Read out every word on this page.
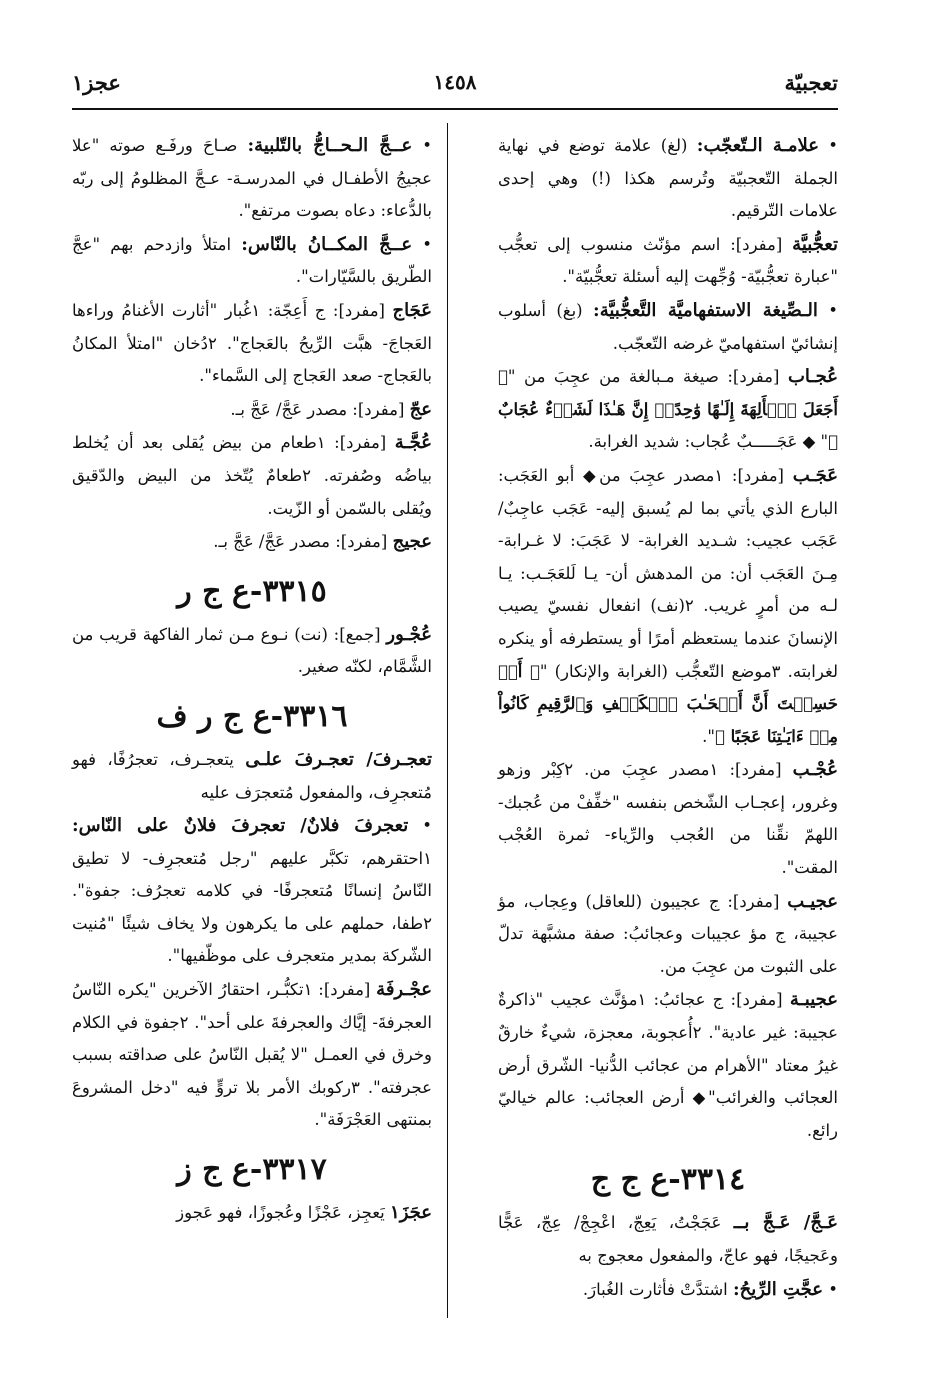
تعجبيّة
١٤٥٨
عجز١

• علامـة الـتّعجّب: (لغ) علامة توضع في نهاية الجملة التّعجبيّة وتُرسم هكذا (!) وهي إحدى علامات التّرقيم.

تعجُّبيَّة [مفرد]: اسم مؤنّث منسوب إلى تعجُّب "عبارة تعجُّبيّة- وُجِّهت إليه أسئلة تعجُّبيّة".

• الـصِّيغة الاستفهاميَّة التَّعجُّبيَّة: (بغ) أسلوب إنشائيّ استفهاميّ غرضه التّعجّب.

عُجـاب [مفرد]: صيغة مـبالغة من عجِبَ من "﴿ أَجَعَلَ ٱلۡأَلِهَةَ إِلَـٰهًا وَٰحِدًاۖ إِنَّ هَـٰذَا لَشَىۡءٌ عُجَابٌ ﴾" ◆ عَجَـــــبٌ عُجاب: شديد الغرابة.

عَجَـب [مفرد]: ١مصدر عجِبَ من◆ أبو العَجَب: البارع الذي يأتي بما لم يُسبق إليه- عَجَب عاجِبٌ/ عَجَب عجيب: شـديد الغرابة- لا عَجَبَ: لا غـرابة- مِـنَ العَجَب أن: من المدهش أن- يـا لَلعَجَـب: يـا لـه من أمرٍ غريب. ٢(نف) انفعال نفسيّ يصيب الإنسانَ عندما يستعظم أمرًا أو يستطرفه أو ينكره لغرابته. ٣موضع التّعجُّب (الغرابة والإنكار) "﴿ أَمۡ حَسِبۡتَ أَنَّ أَصۡحَـٰبَ ٱلۡكَهۡفِ وَٱلرَّقِيمِ كَانُواْ مِنۡ ءَايَـٰتِنَا عَجَبًا ﴾".

عُجْـب [مفرد]: ١مصدر عجِبَ من. ٢كِبْر وزهو وغرور، إعجـاب الشّخص بنفسه "خفِّفْ من عُجبك- اللهمّ نقِّنا من العُجب والرِّياء- ثمرة العُجْب المقت".

عجيـب [مفرد]: ج عجيبون (للعاقل) وعِجاب، مؤ عجيبة، ج مؤ عجيبات وعجائبُ: صفة مشبَّهة تدلّ على الثبوت من عجِبَ من.

عجيبـة [مفرد]: ج عجائبُ: ١مؤنَّث عجيب "ذاكرةٌ عجيبة: غير عادية". ٢أُعجوبة، معجزة، شيءٌ خارقٌ غيرُ معتاد "الأهرام من عجائب الدُّنيا- الشّرق أرض العجائب والغرائب"◆ أرض العجائب: عالم خياليّ رائع.

٣٣١٤-ع ج ج

عَـجَّ/ عَـجَّ بــ عَجَجْتُ، يَعِجّ، اعْجِجْ/ عِجّ، عَجًّا وعَجيجًا، فهو عاجّ، والمفعول معجوج به

• عجَّتِ الرِّيحُ: اشتدَّتْ فأثارت الغُبارَ.

• عــجَّ الـحــاجُّ بالتّلبية: صـاحَ ورفَـع صوته "علا عجيجُ الأطفـال في المدرسـة- عـجَّ المظلومُ إلى ربّه بالدُّعاء: دعاه بصوت مرتفع".

• عــجَّ المكــانُ بالنّاس: امتلأ وازدحم بهم "عجَّ الطّريق بالسَّيّارات".

عَجَاج [مفرد]: ج أَعِجّة: ١غُبار "أثارت الأغنامُ وراءها العَجاجَ- هبَّت الرِّيحُ بالعَجاج". ٢دُخان "امتلأ المكانُ بالعَجاج- صعد العَجاج إلى السَّماء".

عجّ [مفرد]: مصدر عَجَّ/ عَجَّ بـ.

عُجَّـة [مفرد]: ١طعام من بيض يُقلى بعد أن يُخلط بياضُه وصُفرته. ٢طعامٌ يُتّخذ من البيض والدّقيق ويُقلى بالسّمن أو الزّيت.

عجيج [مفرد]: مصدر عَجَّ/ عَجَّ بـ.

٣٣١٥-ع ج ر

عُجْـور [جمع]: (نت) نـوع مـن ثمار الفاكهة قريب من الشَّمَّام، لكنّه صغير.

٣٣١٦-ع ج ر ف

تعجـرفَ/ تعجـرفَ علـى يتعجـرف، تعجرُفًا، فهو مُتعجرِف، والمفعول مُتعجرَف عليه

• تعجرفَ فلانٌ/ تعجرفَ فلانٌ على النّاس: ١احتقرهم، تكبَّر عليهم "رجل مُتعجرِف- لا تطيق النّاسُ إنسانًا مُتعجرفًا- في كلامه تعجرُف: جفوة". ٢طفا، حملهم على ما يكرهون ولا يخاف شيئًا "مُنيت الشّركة بمدير متعجرف على موظّفيها".

عجْـرفَة [مفرد]: ١تكبُّـر، احتقارُ الآخرين "يكره النّاسُ العجرفةَ- إيَّاك والعجرفةَ على أحد". ٢جفوة في الكلام وخرق في العمـل "لا يُقبل النّاسُ على صداقته بسبب عجرفته". ٣ركوبك الأمر بلا تروٍّ فيه "دخل المشروعَ بمنتهى العَجْرَفَة".

٣٣١٧-ع ج ز

عجَزَ١ يَعجِز، عَجْزًا وعُجوزًا، فهو عَجوز
